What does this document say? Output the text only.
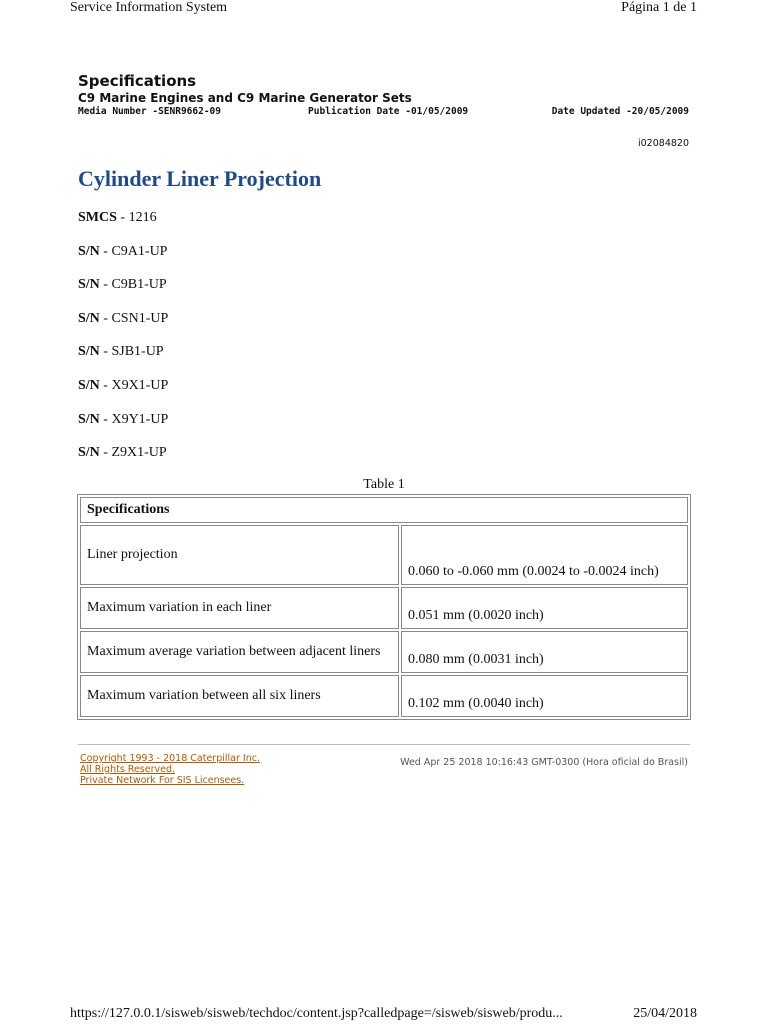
Service Information System	Página 1 de 1
Specifications
C9 Marine Engines and C9 Marine Generator Sets
Media Number -SENR9662-09	Publication Date -01/05/2009	Date Updated -20/05/2009
i02084820
Cylinder Liner Projection
SMCS - 1216
S/N - C9A1-UP
S/N - C9B1-UP
S/N - CSN1-UP
S/N - SJB1-UP
S/N - X9X1-UP
S/N - X9Y1-UP
S/N - Z9X1-UP
Table 1
Specifications	
Liner projection	0.060 to -0.060 mm (0.0024 to -0.0024 inch)
Maximum variation in each liner	0.051 mm (0.0020 inch)
Maximum average variation between adjacent liners	0.080 mm (0.0031 inch)
Maximum variation between all six liners	0.102 mm (0.0040 inch)
Copyright 1993 - 2018 Caterpillar Inc.
All Rights Reserved.
Private Network For SIS Licensees.
Wed Apr 25 2018 10:16:43 GMT-0300 (Hora oficial do Brasil)
https://127.0.0.1/sisweb/sisweb/techdoc/content.jsp?calledpage=/sisweb/sisweb/produ...	25/04/2018
